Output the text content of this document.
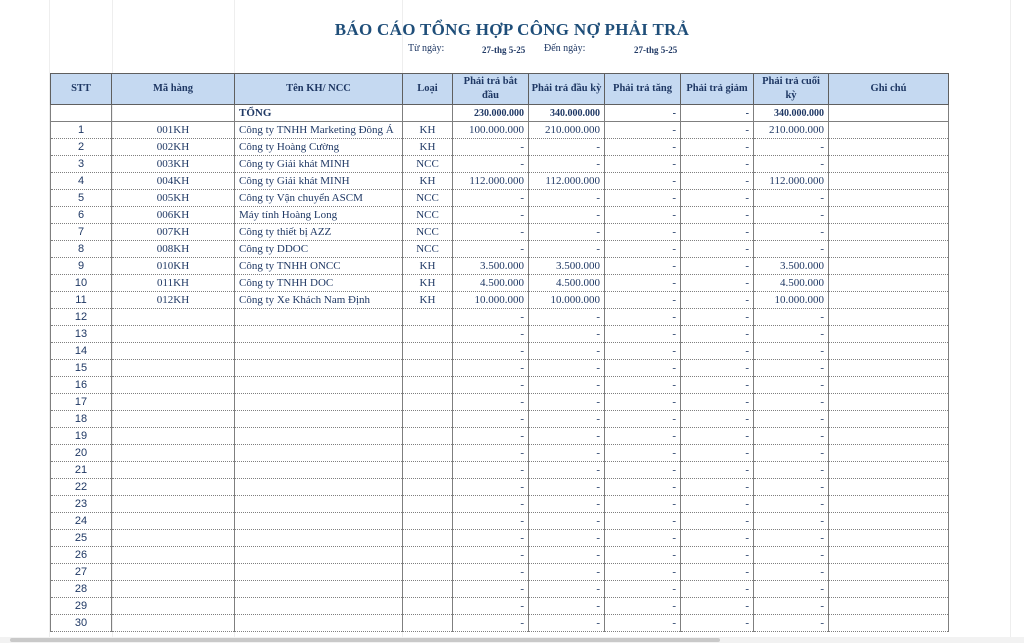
BÁO CÁO TỔNG HỢP CÔNG NỢ PHẢI TRẢ
Từ ngày:	27-thg 5-25 Đến ngày:	27-thg 5-25
STT	Mã hàng	Tên KH/ NCC	Loại	Phải trả bắt đầu	Phải trả đầu kỳ	Phải trả tăng	Phải trả giảm	Phải trả cuối kỳ	Ghi chú
		TỔNG		230.000.000	340.000.000	-	-	340.000.000	
1	001KH	Công ty TNHH Marketing Đông Á	KH	100.000.000	210.000.000	-	-	210.000.000	
2	002KH	Công ty Hoàng Cường	KH	-	-	-	-	-	
3	003KH	Công ty Giải khát MINH	NCC	-	-	-	-	-	
4	004KH	Công ty Giải khát MINH	KH	112.000.000	112.000.000	-	-	112.000.000	
5	005KH	Công ty Vận chuyển ASCM	NCC	-	-	-	-	-	
6	006KH	Máy tính Hoàng Long	NCC	-	-	-	-	-	
7	007KH	Công ty thiết bị AZZ	NCC	-	-	-	-	-	
8	008KH	Công ty DDOC	NCC	-	-	-	-	-	
9	010KH	Công ty TNHH ONCC	KH	3.500.000	3.500.000	-	-	3.500.000	
10	011KH	Công ty TNHH DOC	KH	4.500.000	4.500.000	-	-	4.500.000	
11	012KH	Công ty Xe Khách Nam Định	KH	10.000.000	10.000.000	-	-	10.000.000	
12				-	-	-	-	-	
13				-	-	-	-	-	
14				-	-	-	-	-	
15				-	-	-	-	-	
16				-	-	-	-	-	
17				-	-	-	-	-	
18				-	-	-	-	-	
19				-	-	-	-	-	
20				-	-	-	-	-	
21				-	-	-	-	-	
22				-	-	-	-	-	
23				-	-	-	-	-	
24				-	-	-	-	-	
25				-	-	-	-	-	
26				-	-	-	-	-	
27				-	-	-	-	-	
28				-	-	-	-	-	
29				-	-	-	-	-	
30				-	-	-	-	-	
